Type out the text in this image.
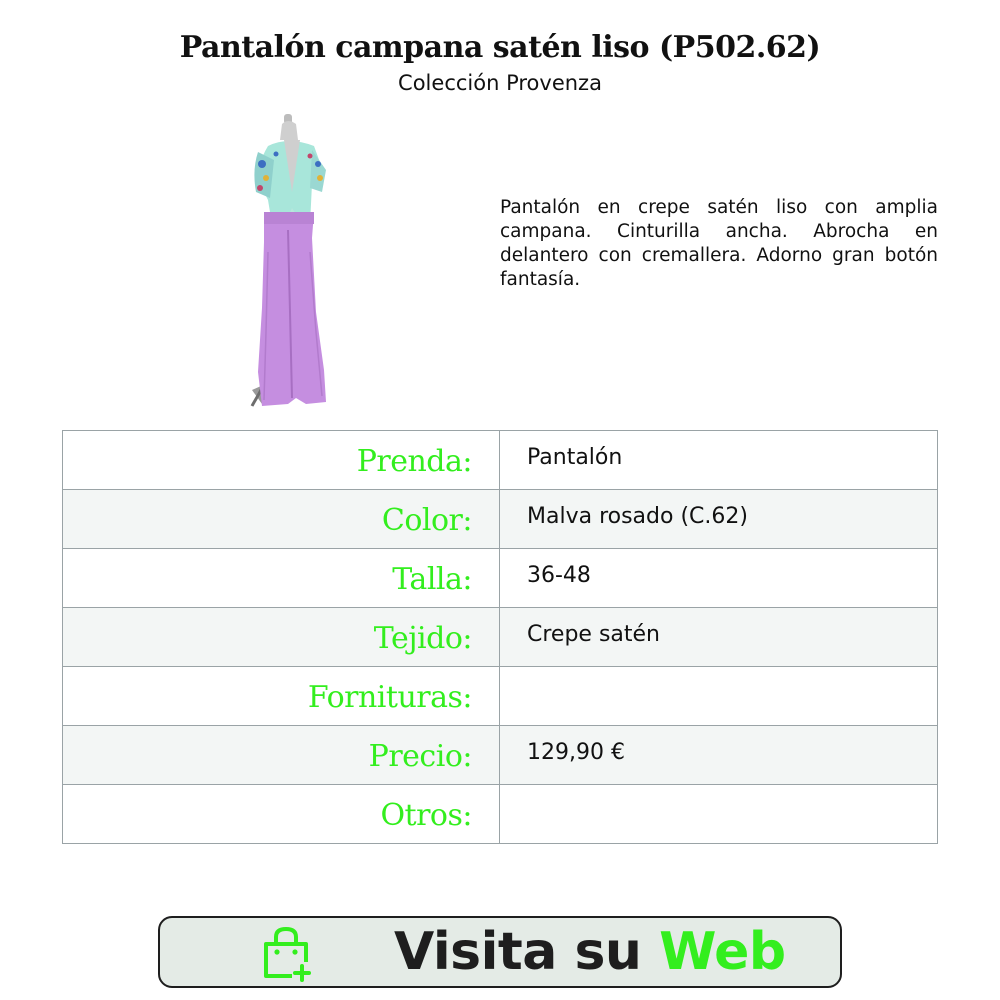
Pantalón campana satén liso (P502.62)
Colección Provenza
Pantalón en crepe satén liso con amplia campana. Cinturilla ancha. Abrocha en delantero con cremallera. Adorno gran botón fantasía.
Prenda:	Pantalón

Color:	Malva rosado (C.62)

Talla:	36-48

Tejido:	Crepe satén

Fornituras:	

Precio:	129,90 €

Otros:	

Visita su Web
